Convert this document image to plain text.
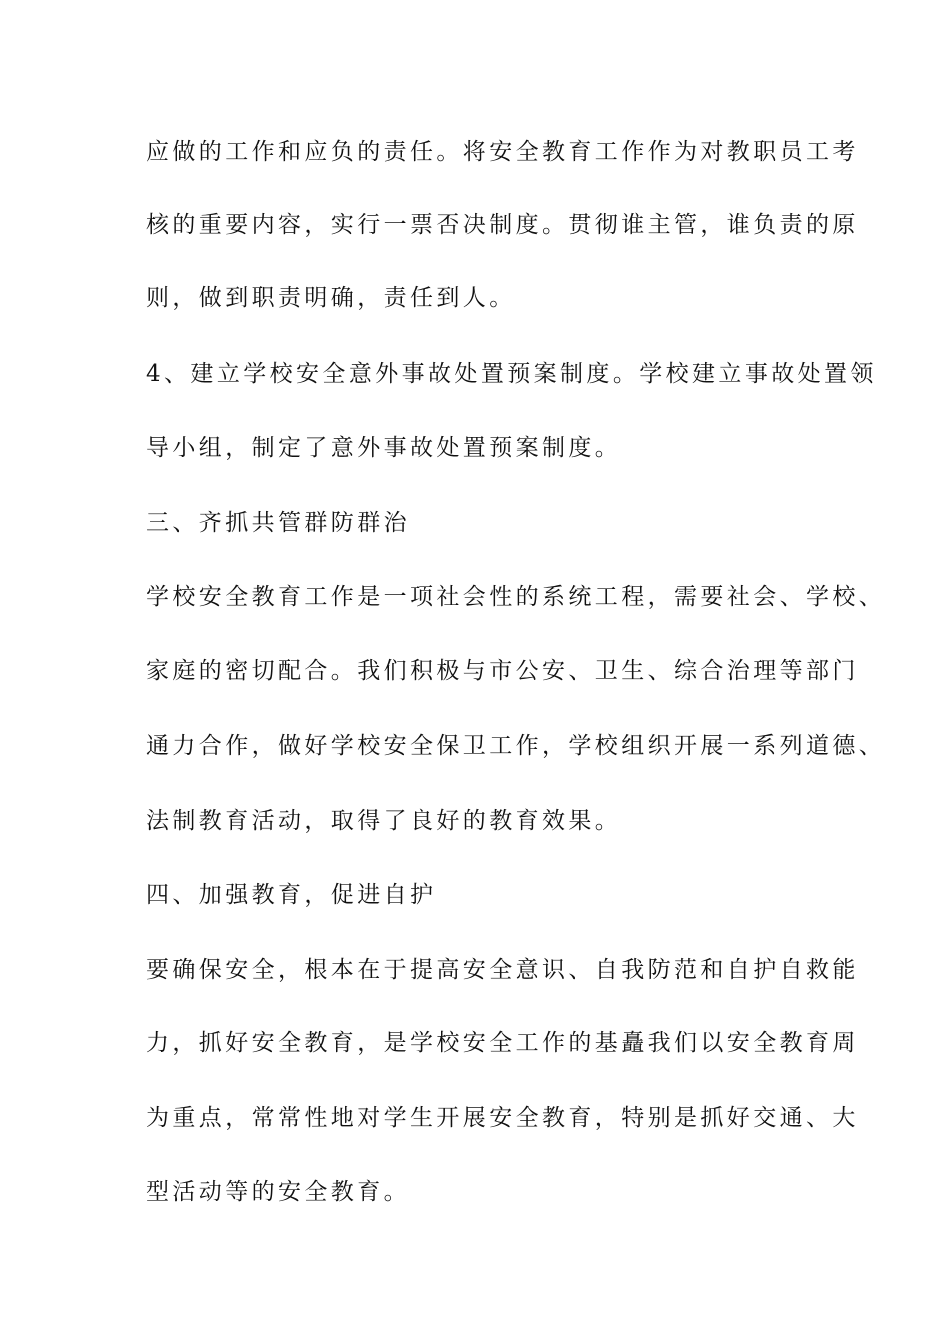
应做的工作和应负的责任。将安全教育工作作为对教职员工考
核的重要内容，实行一票否决制度。贯彻谁主管，谁负责的原
则，做到职责明确，责任到人。
4、建立学校安全意外事故处置预案制度。学校建立事故处置领
导小组，制定了意外事故处置预案制度。
三、齐抓共管群防群治
学校安全教育工作是一项社会性的系统工程，需要社会、学校、
家庭的密切配合。我们积极与市公安、卫生、综合治理等部门
通力合作，做好学校安全保卫工作，学校组织开展一系列道德、
法制教育活动，取得了良好的教育效果。
四、加强教育，促进自护
要确保安全，根本在于提高安全意识、自我防范和自护自救能
力，抓好安全教育，是学校安全工作的基矗我们以安全教育周
为重点，常常性地对学生开展安全教育，特别是抓好交通、大
型活动等的安全教育。
